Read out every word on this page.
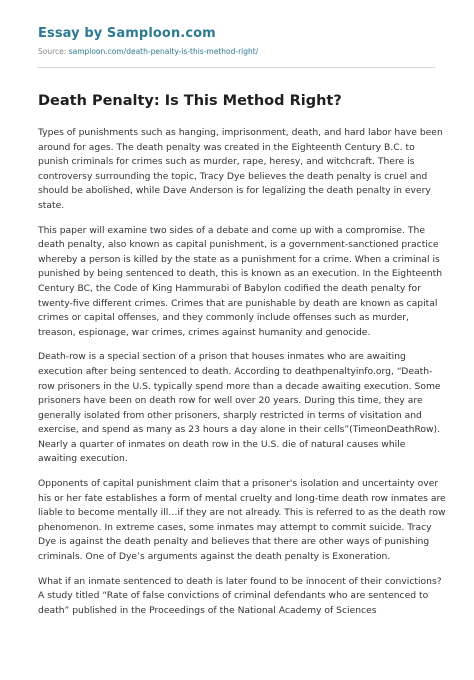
Essay by Samploon.com
Source: samploon.com/death-penalty-is-this-method-right/
Death Penalty: Is This Method Right?

Types of punishments such as hanging, imprisonment, death, and hard labor have been around for ages. The death penalty was created in the Eighteenth Century B.C. to punish criminals for crimes such as murder, rape, heresy, and witchcraft. There is controversy surrounding the topic, Tracy Dye believes the death penalty is cruel and should be abolished, while Dave Anderson is for legalizing the death penalty in every state.

This paper will examine two sides of a debate and come up with a compromise. The death penalty, also known as capital punishment, is a government-sanctioned practice whereby a person is killed by the state as a punishment for a crime. When a criminal is punished by being sentenced to death, this is known as an execution. In the Eighteenth Century BC, the Code of King Hammurabi of Babylon codified the death penalty for twenty-five different crimes. Crimes that are punishable by death are known as capital crimes or capital offenses, and they commonly include offenses such as murder, treason, espionage, war crimes, crimes against humanity and genocide.

Death-row is a special section of a prison that houses inmates who are awaiting execution after being sentenced to death. According to deathpenaltyinfo.org, “Death-row prisoners in the U.S. typically spend more than a decade awaiting execution. Some prisoners have been on death row for well over 20 years. During this time, they are generally isolated from other prisoners, sharply restricted in terms of visitation and exercise, and spend as many as 23 hours a day alone in their cells”(TimeonDeathRow). Nearly a quarter of inmates on death row in the U.S. die of natural causes while awaiting execution.

Opponents of capital punishment claim that a prisoner's isolation and uncertainty over his or her fate establishes a form of mental cruelty and long-time death row inmates are liable to become mentally ill…if they are not already. This is referred to as the death row phenomenon. In extreme cases, some inmates may attempt to commit suicide. Tracy Dye is against the death penalty and believes that there are other ways of punishing criminals. One of Dye’s arguments against the death penalty is Exoneration.

What if an inmate sentenced to death is later found to be innocent of their convictions? A study titled “Rate of false convictions of criminal defendants who are sentenced to death” published in the Proceedings of the National Academy of Sciences
